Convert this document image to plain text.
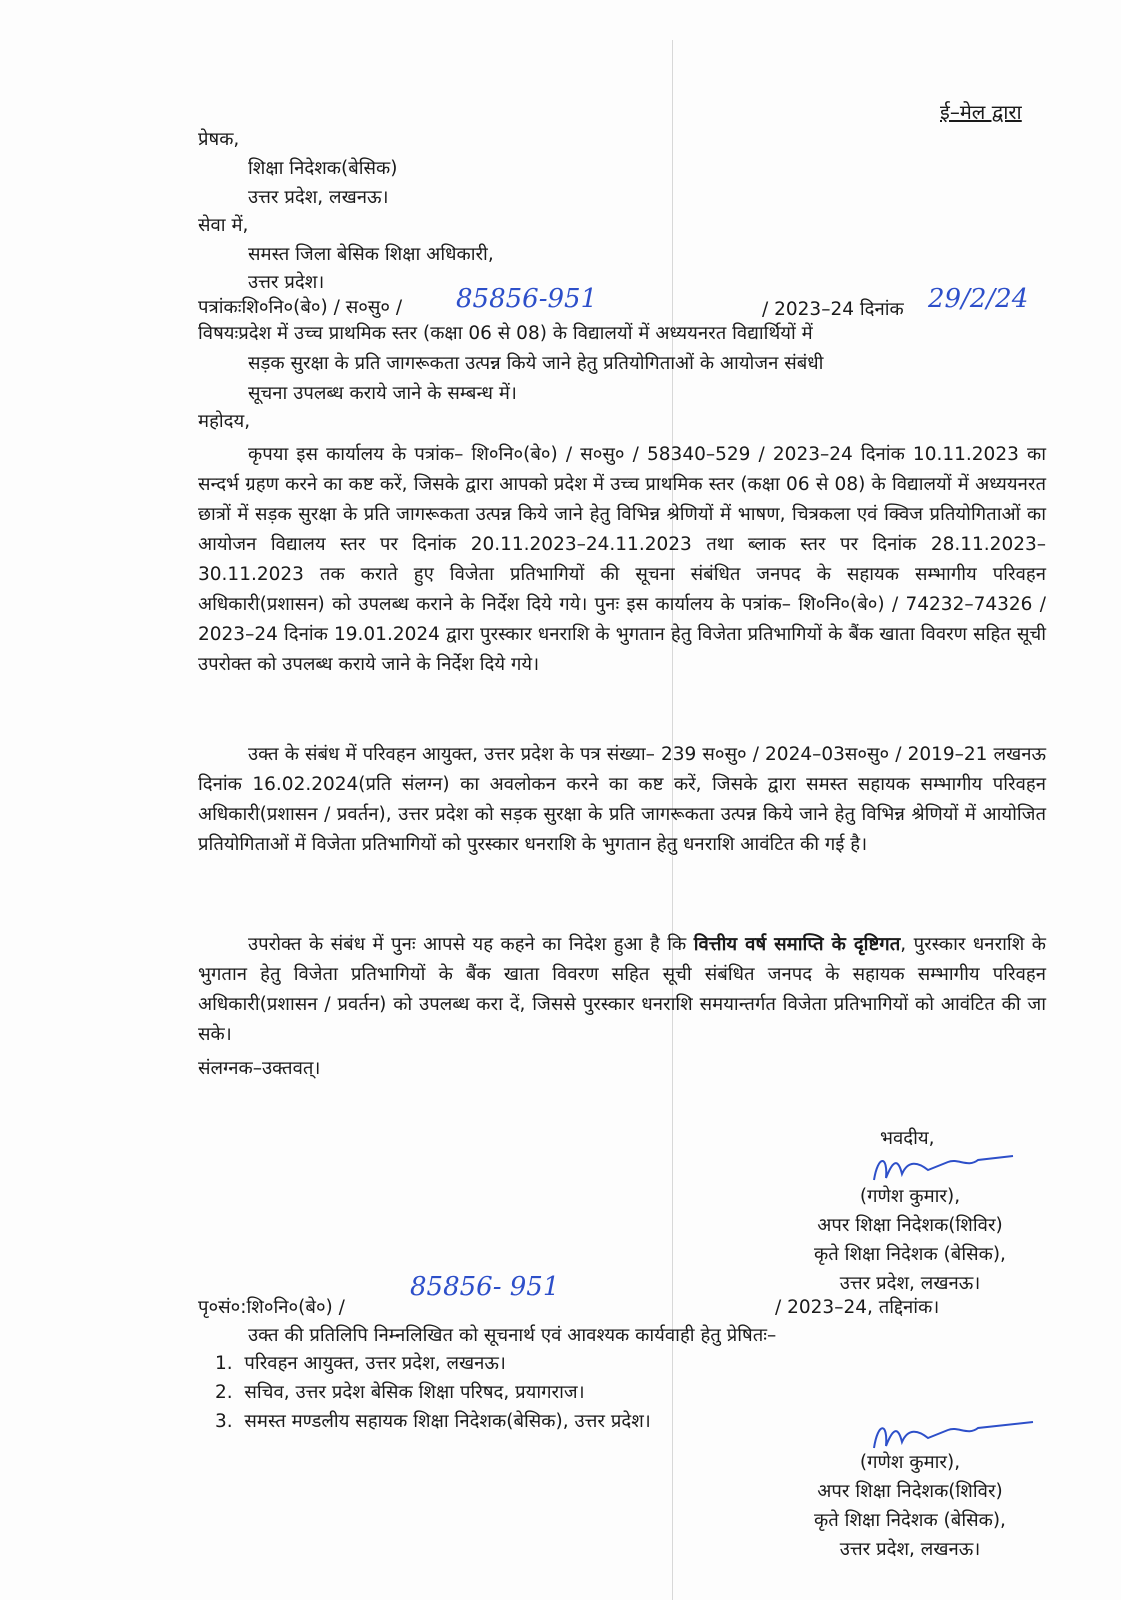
ई–मेल द्वारा
प्रेषक,
शिक्षा निदेशक(बेसिक)
उत्तर प्रदेश, लखनऊ।
सेवा में,
समस्त जिला बेसिक शिक्षा अधिकारी,
उत्तर प्रदेश।
पत्रांकःशि०नि०(बे०) / स०सु० / 85856-951	/ 2023–24 दिनांक 29/2/24
विषयःप्रदेश में उच्च प्राथमिक स्तर (कक्षा 06 से 08) के विद्यालयों में अध्ययनरत विद्यार्थियों में
सड़क सुरक्षा के प्रति जागरूकता उत्पन्न किये जाने हेतु प्रतियोगिताओं के आयोजन संबंधी
सूचना उपलब्ध कराये जाने के सम्बन्ध में।
महोदय,
कृपया इस कार्यालय के पत्रांक– शि०नि०(बे०) / स०सु० / 58340–529 / 2023–24 दिनांक 10.11.2023 का सन्दर्भ ग्रहण करने का कष्ट करें, जिसके द्वारा आपको प्रदेश में उच्च प्राथमिक स्तर (कक्षा 06 से 08) के विद्यालयों में अध्ययनरत छात्रों में सड़क सुरक्षा के प्रति जागरूकता उत्पन्न किये जाने हेतु विभिन्न श्रेणियों में भाषण, चित्रकला एवं क्विज प्रतियोगिताओं का आयोजन विद्यालय स्तर पर दिनांक 20.11.2023–24.11.2023 तथा ब्लाक स्तर पर दिनांक 28.11.2023–30.11.2023 तक कराते हुए विजेता प्रतिभागियों की सूचना संबंधित जनपद के सहायक सम्भागीय परिवहन अधिकारी(प्रशासन) को उपलब्ध कराने के निर्देश दिये गये। पुनः इस कार्यालय के पत्रांक– शि०नि०(बे०) / 74232–74326 / 2023–24 दिनांक 19.01.2024 द्वारा पुरस्कार धनराशि के भुगतान हेतु विजेता प्रतिभागियों के बैंक खाता विवरण सहित सूची उपरोक्त को उपलब्ध कराये जाने के निर्देश दिये गये।
उक्त के संबंध में परिवहन आयुक्त, उत्तर प्रदेश के पत्र संख्या– 239 स०सु० / 2024–03स०सु० / 2019–21 लखनऊ दिनांक 16.02.2024(प्रति संलग्न) का अवलोकन करने का कष्ट करें, जिसके द्वारा समस्त सहायक सम्भागीय परिवहन अधिकारी(प्रशासन / प्रवर्तन), उत्तर प्रदेश को सड़क सुरक्षा के प्रति जागरूकता उत्पन्न किये जाने हेतु विभिन्न श्रेणियों में आयोजित प्रतियोगिताओं में विजेता प्रतिभागियों को पुरस्कार धनराशि के भुगतान हेतु धनराशि आवंटित की गई है।
उपरोक्त के संबंध में पुनः आपसे यह कहने का निदेश हुआ है कि वित्तीय वर्ष समाप्ति के दृष्टिगत, पुरस्कार धनराशि के भुगतान हेतु विजेता प्रतिभागियों के बैंक खाता विवरण सहित सूची संबंधित जनपद के सहायक सम्भागीय परिवहन अधिकारी(प्रशासन / प्रवर्तन) को उपलब्ध करा दें, जिससे पुरस्कार धनराशि समयान्तर्गत विजेता प्रतिभागियों को आवंटित की जा सके।
संलग्नक–उक्तवत्।
भवदीय,
(गणेश कुमार),
अपर शिक्षा निदेशक(शिविर)
कृते शिक्षा निदेशक (बेसिक),
उत्तर प्रदेश, लखनऊ।
पृ०सं०:शि०नि०(बे०) /
85856- 951
/ 2023–24, तद्दिनांक।
उक्त की प्रतिलिपि निम्नलिखित को सूचनार्थ एवं आवश्यक कार्यवाही हेतु प्रेषितः–
1.  परिवहन आयुक्त, उत्तर प्रदेश, लखनऊ।
2.  सचिव, उत्तर प्रदेश बेसिक शिक्षा परिषद, प्रयागराज।
3.  समस्त मण्डलीय सहायक शिक्षा निदेशक(बेसिक), उत्तर प्रदेश।
(गणेश कुमार),
अपर शिक्षा निदेशक(शिविर)
कृते शिक्षा निदेशक (बेसिक),
उत्तर प्रदेश, लखनऊ।
